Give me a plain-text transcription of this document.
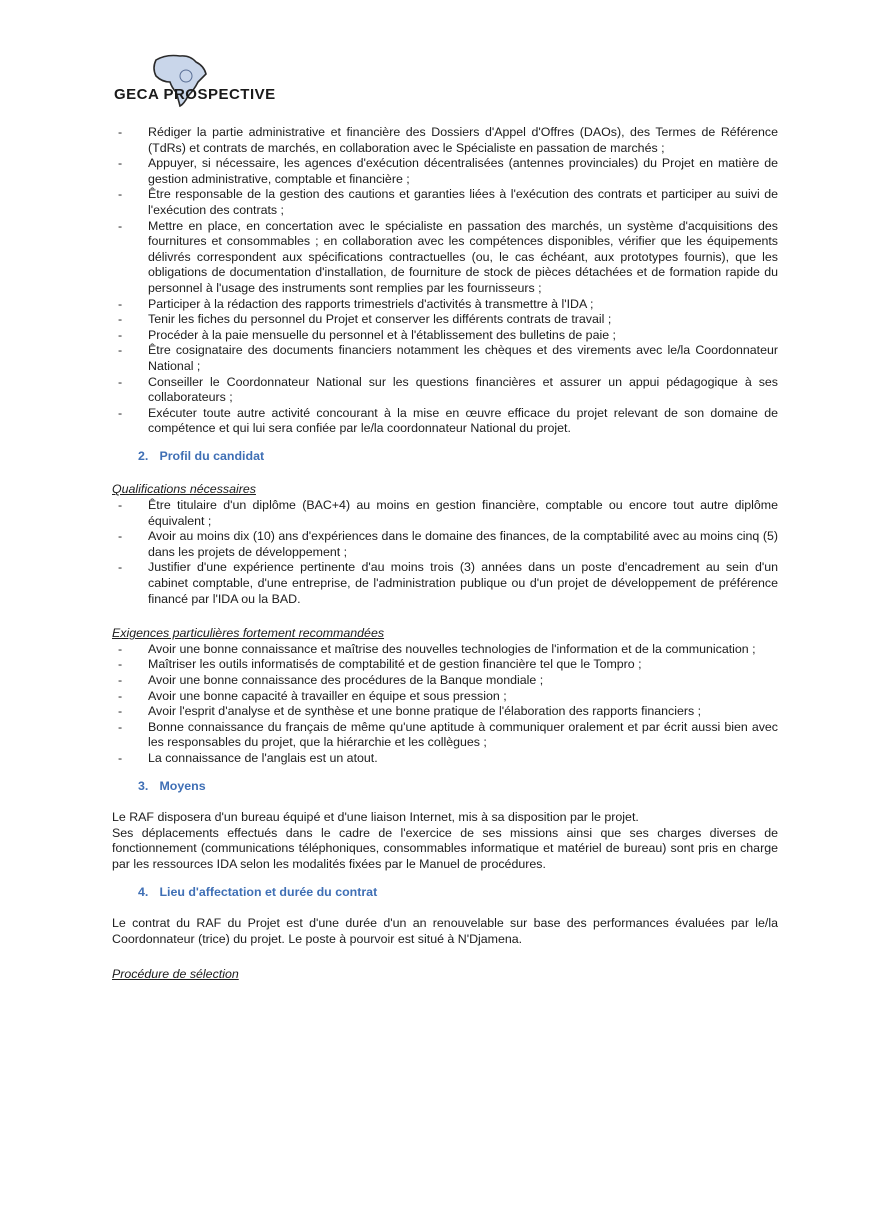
GECA PROSPECTIVE
- Rédiger la partie administrative et financière des Dossiers d'Appel d'Offres (DAOs), des Termes de Référence (TdRs) et contrats de marchés, en collaboration avec le Spécialiste en passation de marchés ;
- Appuyer, si nécessaire, les agences d'exécution décentralisées (antennes provinciales) du Projet en matière de gestion administrative, comptable et financière ;
- Être responsable de la gestion des cautions et garanties liées à l'exécution des contrats et participer au suivi de l'exécution des contrats ;
- Mettre en place, en concertation avec le spécialiste en passation des marchés, un système d'acquisitions des fournitures et consommables ; en collaboration avec les compétences disponibles, vérifier que les équipements délivrés correspondent aux spécifications contractuelles (ou, le cas échéant, aux prototypes fournis), que les obligations de documentation d'installation, de fourniture de stock de pièces détachées et de formation rapide du personnel à l'usage des instruments sont remplies par les fournisseurs ;
- Participer à la rédaction des rapports trimestriels d'activités à transmettre à l'IDA ;
- Tenir les fiches du personnel du Projet et conserver les différents contrats de travail ;
- Procéder à la paie mensuelle du personnel et à l'établissement des bulletins de paie ;
- Être cosignataire des documents financiers notamment les chèques et des virements avec le/la Coordonnateur National ;
- Conseiller le Coordonnateur National sur les questions financières et assurer un appui pédagogique à ses collaborateurs ;
- Exécuter toute autre activité concourant à la mise en œuvre efficace du projet relevant de son domaine de compétence et qui lui sera confiée par le/la coordonnateur National du projet.
2. Profil du candidat
Qualifications nécessaires
- Être titulaire d'un diplôme (BAC+4) au moins en gestion financière, comptable ou encore tout autre diplôme équivalent ;
- Avoir au moins dix (10) ans d'expériences dans le domaine des finances, de la comptabilité avec au moins cinq (5) dans les projets de développement ;
- Justifier d'une expérience pertinente d'au moins trois (3) années dans un poste d'encadrement au sein d'un cabinet comptable, d'une entreprise, de l'administration publique ou d'un projet de développement de préférence financé par l'IDA ou la BAD.
Exigences particulières fortement recommandées
- Avoir une bonne connaissance et maîtrise des nouvelles technologies de l'information et de la communication ;
- Maîtriser les outils informatisés de comptabilité et de gestion financière tel que le Tompro ;
- Avoir une bonne connaissance des procédures de la Banque mondiale ;
- Avoir une bonne capacité à travailler en équipe et sous pression ;
- Avoir l'esprit d'analyse et de synthèse et une bonne pratique de l'élaboration des rapports financiers ;
- Bonne connaissance du français de même qu'une aptitude à communiquer oralement et par écrit aussi bien avec les responsables du projet, que la hiérarchie et les collègues ;
- La connaissance de l'anglais est un atout.
3. Moyens

Le RAF disposera d'un bureau équipé et d'une liaison Internet, mis à sa disposition par le projet.

Ses déplacements effectués dans le cadre de l'exercice de ses missions ainsi que ses charges diverses de fonctionnement (communications téléphoniques, consommables informatique et matériel de bureau) sont pris en charge par les ressources IDA selon les modalités fixées par le Manuel de procédures.

4. Lieu d'affectation et durée du contrat

Le contrat du RAF du Projet est d'une durée d'un an renouvelable sur base des performances évaluées par le/la Coordonnateur (trice) du projet. Le poste à pourvoir est situé à N'Djamena.

Procédure de sélection
